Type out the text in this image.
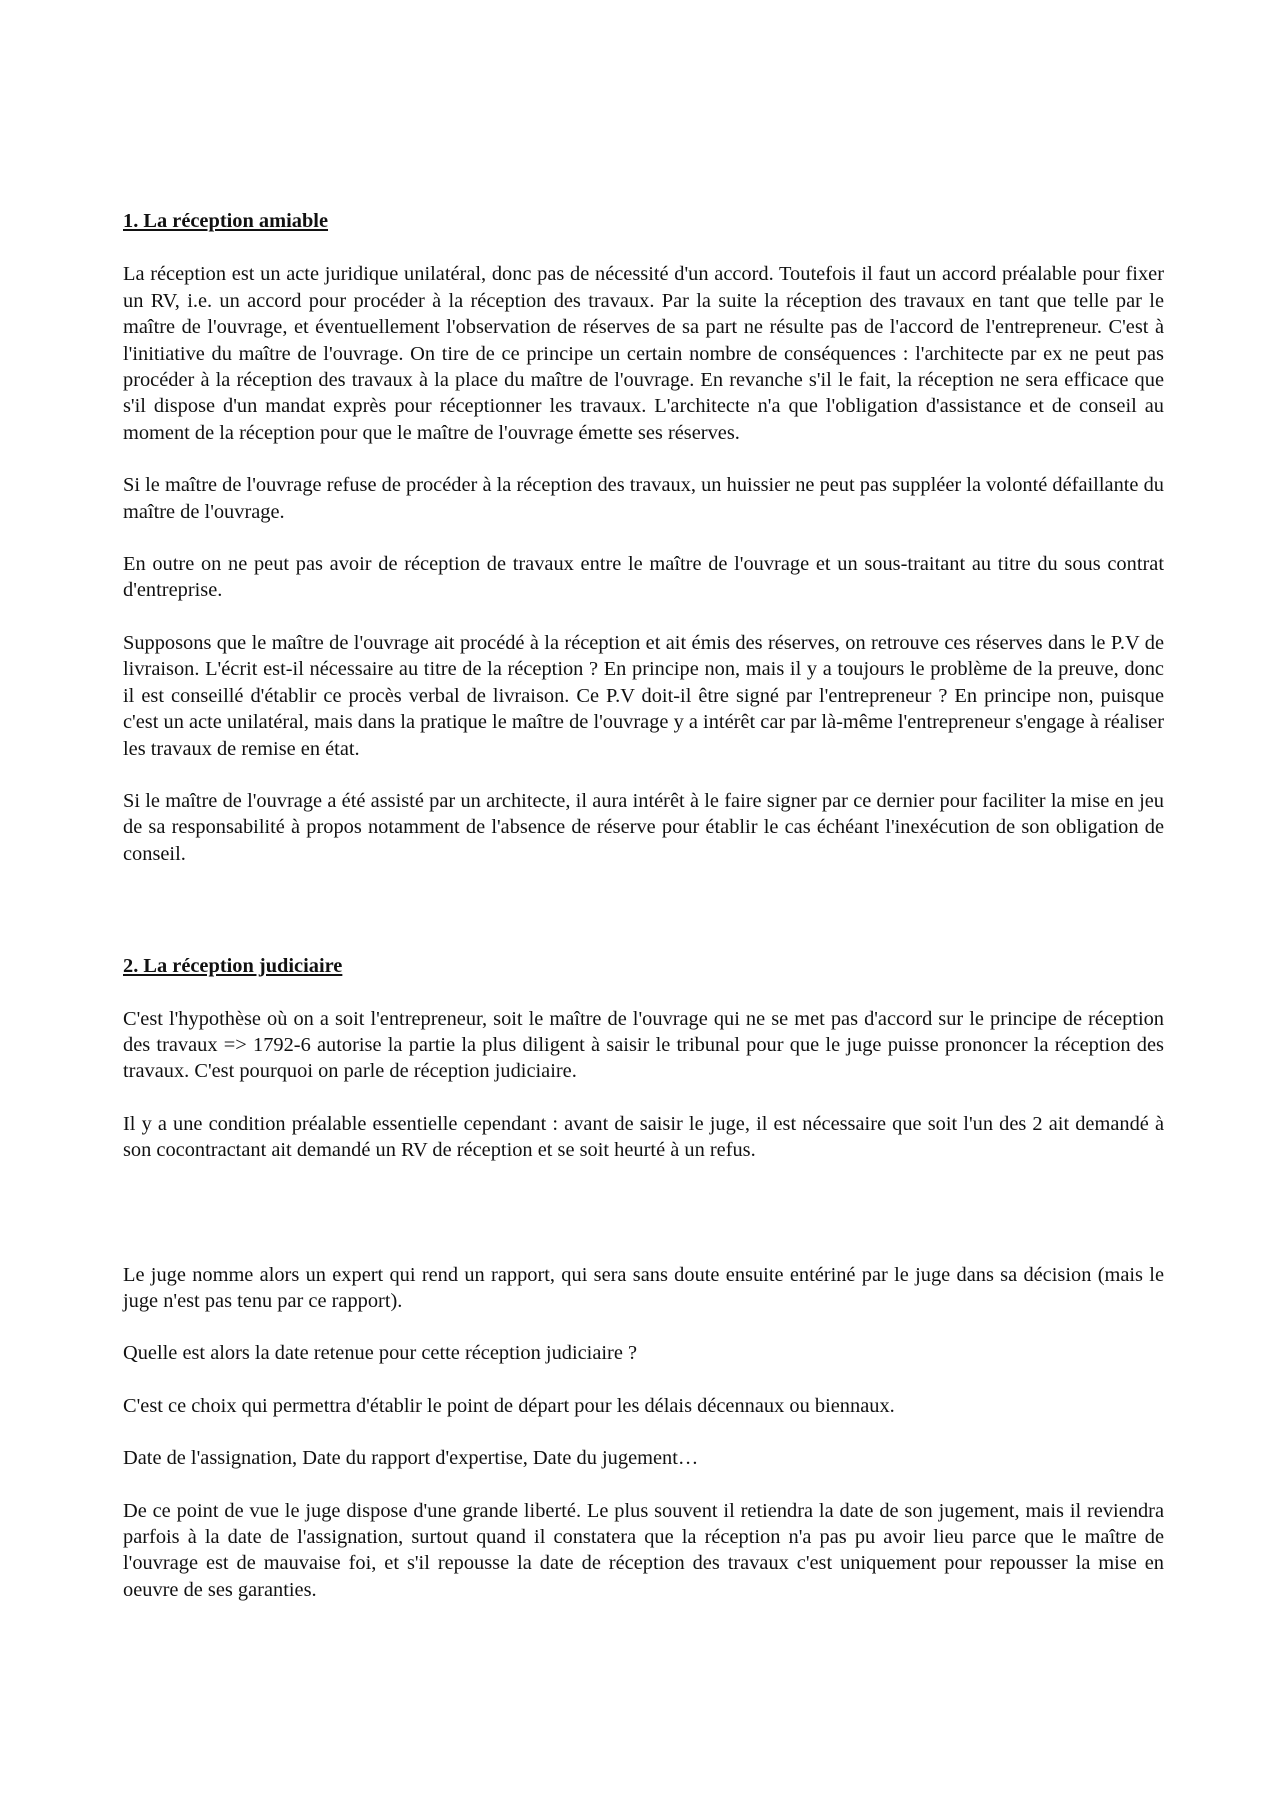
1. La réception amiable

La réception est un acte juridique unilatéral, donc pas de nécessité d'un accord. Toutefois il faut un accord préalable pour fixer un RV, i.e. un accord pour procéder à la réception des travaux. Par la suite la réception des travaux en tant que telle par le maître de l'ouvrage, et éventuellement l'observation de réserves de sa part ne résulte pas de l'accord de l'entrepreneur. C'est à l'initiative du maître de l'ouvrage. On tire de ce principe un certain nombre de conséquences : l'architecte par ex ne peut pas procéder à la réception des travaux à la place du maître de l'ouvrage. En revanche s'il le fait, la réception ne sera efficace que s'il dispose d'un mandat exprès pour réceptionner les travaux. L'architecte n'a que l'obligation d'assistance et de conseil au moment de la réception pour que le maître de l'ouvrage émette ses réserves.

Si le maître de l'ouvrage refuse de procéder à la réception des travaux, un huissier ne peut pas suppléer la volonté défaillante du maître de l'ouvrage.

En outre on ne peut pas avoir de réception de travaux entre le maître de l'ouvrage et un sous-traitant au titre du sous contrat d'entreprise.

Supposons que le maître de l'ouvrage ait procédé à la réception et ait émis des réserves, on retrouve ces réserves dans le P.V de livraison. L'écrit est-il nécessaire au titre de la réception ? En principe non, mais il y a toujours le problème de la preuve, donc il est conseillé d'établir ce procès verbal de livraison. Ce P.V doit-il être signé par l'entrepreneur ? En principe non, puisque c'est un acte unilatéral, mais dans la pratique le maître de l'ouvrage y a intérêt car par là-même l'entrepreneur s'engage à réaliser les travaux de remise en état.

Si le maître de l'ouvrage a été assisté par un architecte, il aura intérêt à le faire signer par ce dernier pour faciliter la mise en jeu de sa responsabilité à propos notamment de l'absence de réserve pour établir le cas échéant l'inexécution de son obligation de conseil.

2. La réception judiciaire

C'est l'hypothèse où on a soit l'entrepreneur, soit le maître de l'ouvrage qui ne se met pas d'accord sur le principe de réception des travaux => 1792-6 autorise la partie la plus diligent à saisir le tribunal pour que le juge puisse prononcer la réception des travaux. C'est pourquoi on parle de réception judiciaire.

Il y a une condition préalable essentielle cependant : avant de saisir le juge, il est nécessaire que soit l'un des 2 ait demandé à son cocontractant ait demandé un RV de réception et se soit heurté à un refus.

Le juge nomme alors un expert qui rend un rapport, qui sera sans doute ensuite entériné par le juge dans sa décision (mais le juge n'est pas tenu par ce rapport).

Quelle est alors la date retenue pour cette réception judiciaire ?

C'est ce choix qui permettra d'établir le point de départ pour les délais décennaux ou biennaux.

Date de l'assignation, Date du rapport d'expertise, Date du jugement…

De ce point de vue le juge dispose d'une grande liberté. Le plus souvent il retiendra la date de son jugement, mais il reviendra parfois à la date de l'assignation, surtout quand il constatera que la réception n'a pas pu avoir lieu parce que le maître de l'ouvrage est de mauvaise foi, et s'il repousse la date de réception des travaux c'est uniquement pour repousser la mise en oeuvre de ses garanties.
